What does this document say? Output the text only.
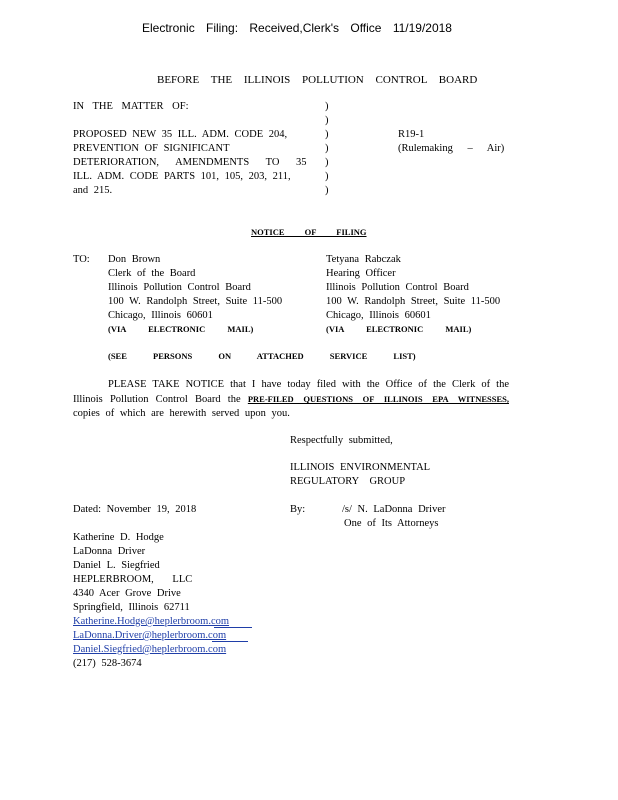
Electronic Filing: Received,Clerk's Office 11/19/2018
BEFORE THE ILLINOIS POLLUTION CONTROL BOARD
IN THE MATTER OF:
PROPOSED NEW 35 ILL. ADM. CODE 204,
PREVENTION OF SIGNIFICANT
DETERIORATION, AMENDMENTS TO 35
ILL. ADM. CODE PARTS 101, 105, 203, 211,
and 215.
)
)
)
)
)
)
)
R19-1
(Rulemaking – Air)
NOTICE OF FILING
TO: Don Brown
Clerk of the Board
Illinois Pollution Control Board
100 W. Randolph Street, Suite 11-500
Chicago, Illinois 60601
(VIA ELECTRONIC MAIL)
Tetyana Rabczak
Hearing Officer
Illinois Pollution Control Board
100 W. Randolph Street, Suite 11-500
Chicago, Illinois 60601
(VIA ELECTRONIC MAIL)
(SEE PERSONS ON ATTACHED SERVICE LIST)
PLEASE TAKE NOTICE that I have today filed with the Office of the Clerk of the Illinois Pollution Control Board the PRE-FILED QUESTIONS OF ILLINOIS EPA WITNESSES, copies of which are herewith served upon you.
Respectfully submitted,
ILLINOIS ENVIRONMENTAL
REGULATORY GROUP
Dated: November 19, 2018	By:	/s/ N. LaDonna Driver
One of Its Attorneys
Katherine D. Hodge
LaDonna Driver
Daniel L. Siegfried
HEPLERBROOM, LLC
4340 Acer Grove Drive
Springfield, Illinois 62711
Katherine.Hodge@heplerbroom.com
LaDonna.Driver@heplerbroom.com
Daniel.Siegfried@heplerbroom.com
(217) 528-3674
